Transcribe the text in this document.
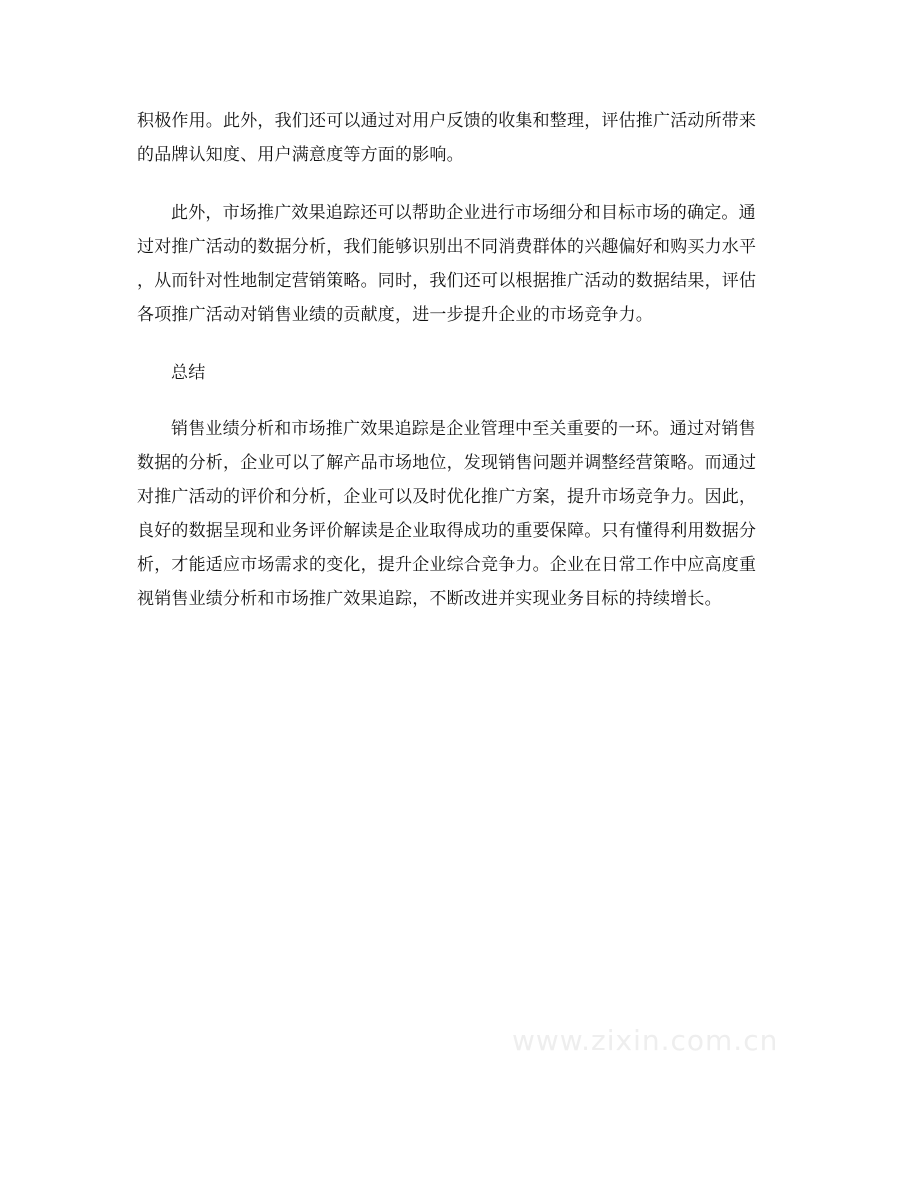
积极作用。此外，我们还可以通过对用户反馈的收集和整理，评估推广活动所带来
的品牌认知度、用户满意度等方面的影响。
此外，市场推广效果追踪还可以帮助企业进行市场细分和目标市场的确定。通
过对推广活动的数据分析，我们能够识别出不同消费群体的兴趣偏好和购买力水平
，从而针对性地制定营销策略。同时，我们还可以根据推广活动的数据结果，评估
各项推广活动对销售业绩的贡献度，进一步提升企业的市场竞争力。
总结
销售业绩分析和市场推广效果追踪是企业管理中至关重要的一环。通过对销售
数据的分析，企业可以了解产品市场地位，发现销售问题并调整经营策略。而通过
对推广活动的评价和分析，企业可以及时优化推广方案，提升市场竞争力。因此，
良好的数据呈现和业务评价解读是企业取得成功的重要保障。只有懂得利用数据分
析，才能适应市场需求的变化，提升企业综合竞争力。企业在日常工作中应高度重
视销售业绩分析和市场推广效果追踪，不断改进并实现业务目标的持续增长。
www.zixin.com.cn
